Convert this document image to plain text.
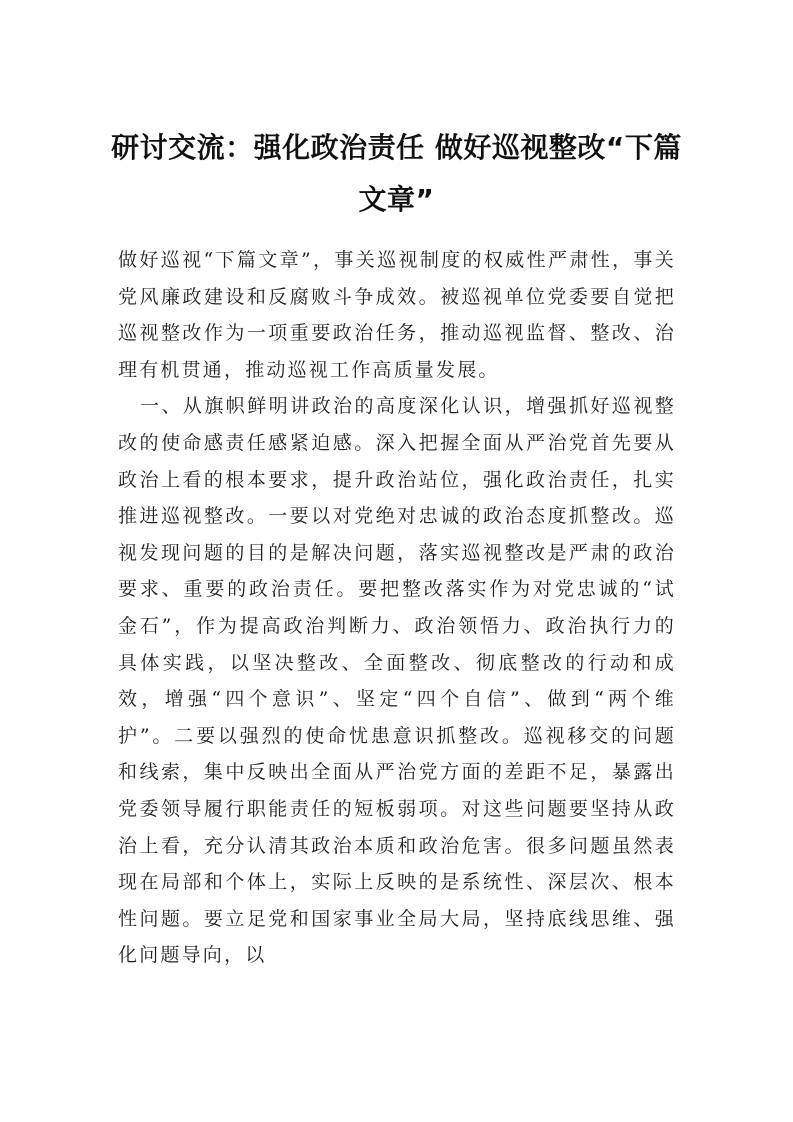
研讨交流：强化政治责任 做好巡视整改“下篇文章”

做好巡视“下篇文章”，事关巡视制度的权威性严肃性，事关党风廉政建设和反腐败斗争成效。被巡视单位党委要自觉把巡视整改作为一项重要政治任务，推动巡视监督、整改、治理有机贯通，推动巡视工作高质量发展。

一、从旗帜鲜明讲政治的高度深化认识，增强抓好巡视整改的使命感责任感紧迫感。深入把握全面从严治党首先要从政治上看的根本要求，提升政治站位，强化政治责任，扎实推进巡视整改。一要以对党绝对忠诚的政治态度抓整改。巡视发现问题的目的是解决问题，落实巡视整改是严肃的政治要求、重要的政治责任。要把整改落实作为对党忠诚的“试金石”，作为提高政治判断力、政治领悟力、政治执行力的具体实践，以坚决整改、全面整改、彻底整改的行动和成效，增强“四个意识”、坚定“四个自信”、做到“两个维护”。二要以强烈的使命忧患意识抓整改。巡视移交的问题和线索，集中反映出全面从严治党方面的差距不足，暴露出党委领导履行职能责任的短板弱项。对这些问题要坚持从政治上看，充分认清其政治本质和政治危害。很多问题虽然表现在局部和个体上，实际上反映的是系统性、深层次、根本性问题。要立足党和国家事业全局大局，坚持底线思维、强化问题导向，以
